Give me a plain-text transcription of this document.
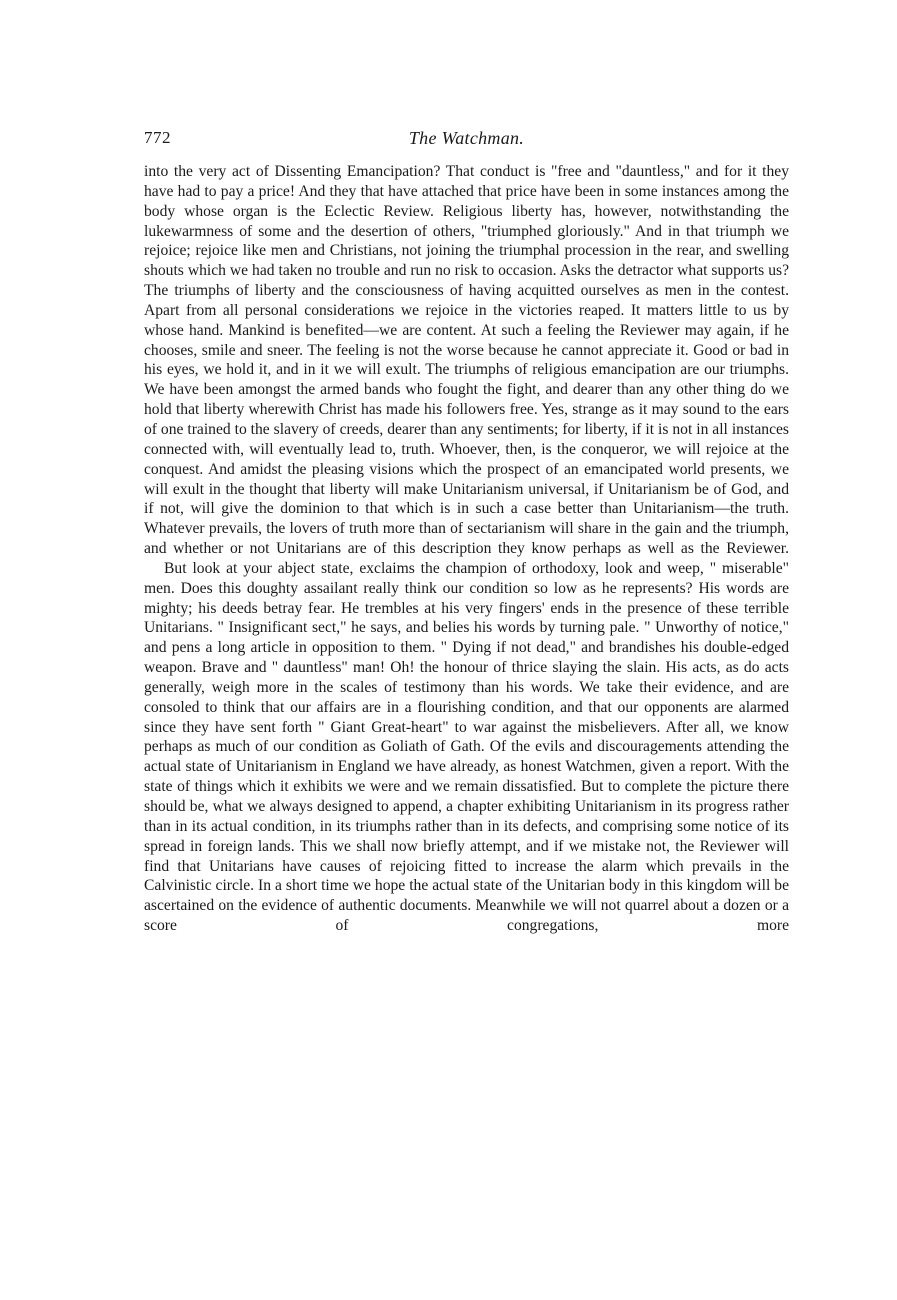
772	The Watchman.

into the very act of Dissenting Emancipation? That conduct is "free and "dauntless," and for it they have had to pay a price! And they that have attached that price have been in some instances among the body whose organ is the Eclectic Review. Religious liberty has, however, notwithstanding the lukewarmness of some and the desertion of others, "triumphed gloriously." And in that triumph we rejoice; rejoice like men and Christians, not joining the triumphal procession in the rear, and swelling shouts which we had taken no trouble and run no risk to occasion. Asks the detractor what supports us? The triumphs of liberty and the consciousness of having acquitted ourselves as men in the contest. Apart from all personal considerations we rejoice in the victories reaped. It matters little to us by whose hand. Mankind is benefited—we are content. At such a feeling the Reviewer may again, if he chooses, smile and sneer. The feeling is not the worse because he cannot appreciate it. Good or bad in his eyes, we hold it, and in it we will exult. The triumphs of religious emancipation are our triumphs. We have been amongst the armed bands who fought the fight, and dearer than any other thing do we hold that liberty wherewith Christ has made his followers free. Yes, strange as it may sound to the ears of one trained to the slavery of creeds, dearer than any sentiments; for liberty, if it is not in all instances connected with, will eventually lead to, truth. Whoever, then, is the conqueror, we will rejoice at the conquest. And amidst the pleasing visions which the prospect of an emancipated world presents, we will exult in the thought that liberty will make Unitarianism universal, if Unitarianism be of God, and if not, will give the dominion to that which is in such a case better than Unitarianism—the truth. Whatever prevails, the lovers of truth more than of sectarianism will share in the gain and the triumph, and whether or not Unitarians are of this description they know perhaps as well as the Reviewer.

But look at your abject state, exclaims the champion of orthodoxy, look and weep, " miserable" men. Does this doughty assailant really think our condition so low as he represents? His words are mighty; his deeds betray fear. He trembles at his very fingers' ends in the presence of these terrible Unitarians. " Insignificant sect," he says, and belies his words by turning pale. " Unworthy of notice," and pens a long article in opposition to them. " Dying if not dead," and brandishes his double-edged weapon. Brave and " dauntless" man! Oh! the honour of thrice slaying the slain. His acts, as do acts generally, weigh more in the scales of testimony than his words. We take their evidence, and are consoled to think that our affairs are in a flourishing condition, and that our opponents are alarmed since they have sent forth " Giant Great-heart" to war against the misbelievers. After all, we know perhaps as much of our condition as Goliath of Gath. Of the evils and discouragements attending the actual state of Unitarianism in England we have already, as honest Watchmen, given a report. With the state of things which it exhibits we were and we remain dissatisfied. But to complete the picture there should be, what we always designed to append, a chapter exhibiting Unitarianism in its progress rather than in its actual condition, in its triumphs rather than in its defects, and comprising some notice of its spread in foreign lands. This we shall now briefly attempt, and if we mistake not, the Reviewer will find that Unitarians have causes of rejoicing fitted to increase the alarm which prevails in the Calvinistic circle. In a short time we hope the actual state of the Unitarian body in this kingdom will be ascertained on the evidence of authentic documents. Meanwhile we will not quarrel about a dozen or a score of congregations, more
